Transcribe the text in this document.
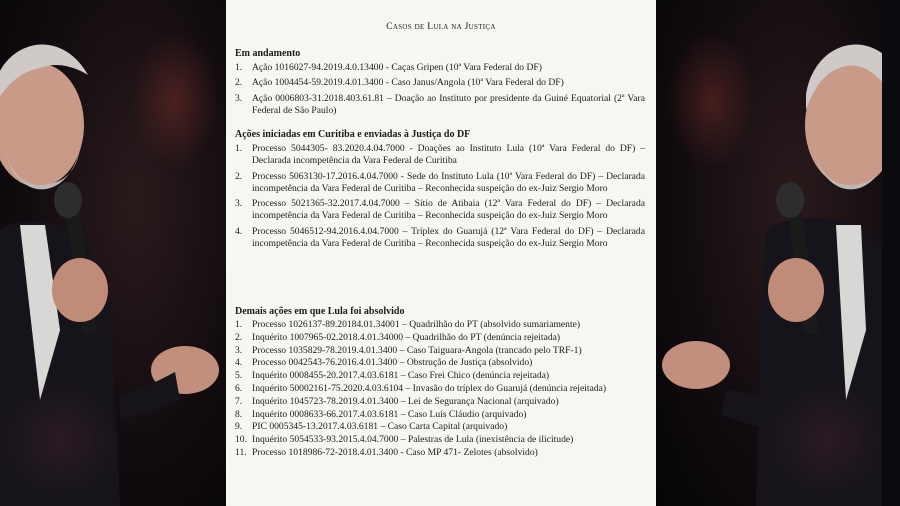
Casos de Lula na Justiça
Em andamento
1.	Ação 1016027-94.2019.4.0.13400 - Caças Gripen (10ª Vara Federal do DF)
2.	Ação 1004454-59.2019.4.01.3400 - Caso Janus/Angola (10ª Vara Federal do DF)
3.	Ação 0006803-31.2018.403.61.81 – Doação ao Instituto por presidente da Guiné Equatorial (2ª Vara Federal de São Paulo)
Ações iniciadas em Curitiba e enviadas à Justiça do DF
1.	Processo 5044305- 83.2020.4.04.7000 - Doações ao Instituto Lula (10ª Vara Federal do DF) – Declarada incompetência da Vara Federal de Curitiba
2.	Processo 5063130-17.2016.4.04.7000 - Sede do Instituto Lula (10ª Vara Federal do DF) – Declarada incompetência da Vara Federal de Curitiba – Reconhecida suspeição do ex-Juiz Sergio Moro
3.	Processo 5021365-32.2017.4.04.7000 – Sítio de Atibaia (12ª Vara Federal do DF) – Declarada incompetência da Vara Federal de Curitiba – Reconhecida suspeição do ex-Juiz Sergio Moro
4.	Processo 5046512-94.2016.4.04.7000 – Tríplex do Guarujá (12ª Vara Federal do DF) – Declarada incompetência da Vara Federal de Curitiba – Reconhecida suspeição do ex-Juiz Sergio Moro
Demais ações em que Lula foi absolvido
1.	Processo 1026137-89.20184.01.34001 – Quadrilhão do PT (absolvido sumariamente)
2.	Inquérito 1007965-02.2018.4.01.34000 – Quadrilhão do PT (denúncia rejeitada)
3.	Processo 1035829-78.2019.4.01.3400 – Caso Taiguara-Angola (trancado pelo TRF-1)
4.	Processo 0042543-76.2016.4.01.3400 – Obstrução de Justiça (absolvido)
5.	Inquérito 0008455-20.2017.4.03.6181 – Caso Frei Chico (denúncia rejeitada)
6.	Inquérito 50002161-75.2020.4.03.6104 – Invasão do tríplex do Guarujá (denúncia rejeitada)
7.	Inquérito 1045723-78.2019.4.01.3400 – Lei de Segurança Nacional (arquivado)
8.	Inquérito 0008633-66.2017.4.03.6181 – Caso Luís Cláudio (arquivado)
9.	PIC 0005345-13.2017.4.03.6181 – Caso Carta Capital (arquivado)
10. Inquérito 5054533-93.2015.4.04.7000 – Palestras de Lula (inexistência de ilicitude)
11. Processo 1018986-72-2018.4.01.3400 - Caso MP 471- Zelotes (absolvido)
